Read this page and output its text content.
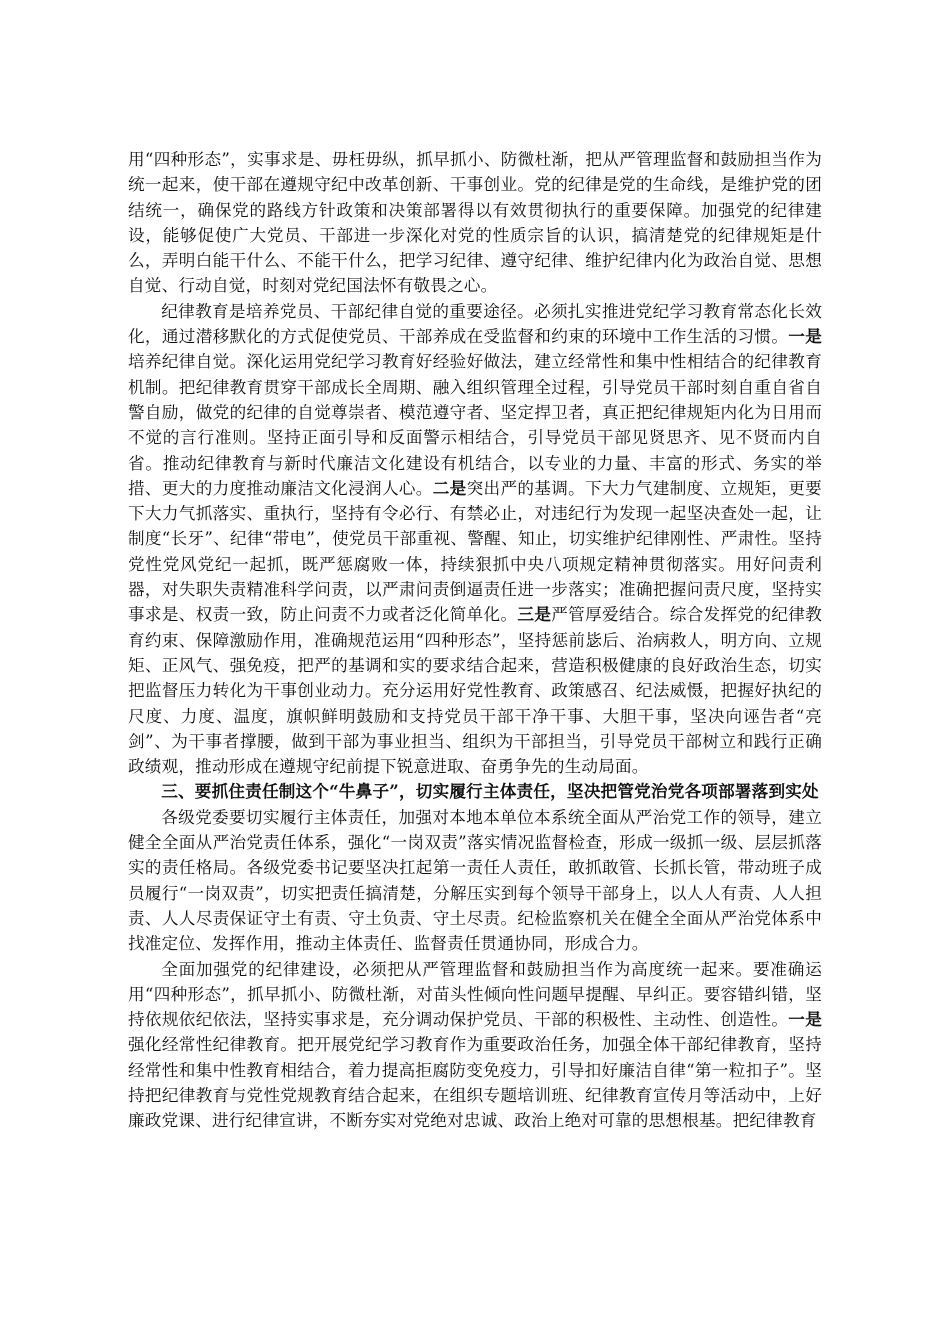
用“四种形态”，实事求是、毋枉毋纵，抓早抓小、防微杜渐，把从严管理监督和鼓励担当作为统一起来，使干部在遵规守纪中改革创新、干事创业。党的纪律是党的生命线，是维护党的团结统一，确保党的路线方针政策和决策部署得以有效贯彻执行的重要保障。加强党的纪律建设，能够促使广大党员、干部进一步深化对党的性质宗旨的认识，搞清楚党的纪律规矩是什么，弄明白能干什么、不能干什么，把学习纪律、遵守纪律、维护纪律内化为政治自觉、思想自觉、行动自觉，时刻对党纪国法怀有敬畏之心。

纪律教育是培养党员、干部纪律自觉的重要途径。必须扎实推进党纪学习教育常态化长效化，通过潜移默化的方式促使党员、干部养成在受监督和约束的环境中工作生活的习惯。一是培养纪律自觉。深化运用党纪学习教育好经验好做法，建立经常性和集中性相结合的纪律教育机制。把纪律教育贯穿干部成长全周期、融入组织管理全过程，引导党员干部时刻自重自省自警自励，做党的纪律的自觉尊崇者、模范遵守者、坚定捍卫者，真正把纪律规矩内化为日用而不觉的言行准则。坚持正面引导和反面警示相结合，引导党员干部见贤思齐、见不贤而内自省。推动纪律教育与新时代廉洁文化建设有机结合，以专业的力量、丰富的形式、务实的举措、更大的力度推动廉洁文化浸润人心。二是突出严的基调。下大力气建制度、立规矩，更要下大力气抓落实、重执行，坚持有令必行、有禁必止，对违纪行为发现一起坚决查处一起，让制度“长牙”、纪律“带电”，使党员干部重视、警醒、知止，切实维护纪律刚性、严肃性。坚持党性党风党纪一起抓，既严惩腐败一体，持续狠抓中央八项规定精神贯彻落实。用好问责利器，对失职失责精准科学问责，以严肃问责倒逼责任进一步落实；准确把握问责尺度，坚持实事求是、权责一致，防止问责不力或者泛化简单化。三是严管厚爱结合。综合发挥党的纪律教育约束、保障激励作用，准确规范运用“四种形态”，坚持惩前毖后、治病救人，明方向、立规矩、正风气、强免疫，把严的基调和实的要求结合起来，营造积极健康的良好政治生态，切实把监督压力转化为干事创业动力。充分运用好党性教育、政策感召、纪法威慑，把握好执纪的尺度、力度、温度，旗帜鲜明鼓励和支持党员干部干净干事、大胆干事，坚决向诬告者“亮剑”、为干事者撑腰，做到干部为事业担当、组织为干部担当，引导党员干部树立和践行正确政绩观，推动形成在遵规守纪前提下锐意进取、奋勇争先的生动局面。

三、要抓住责任制这个“牛鼻子”，切实履行主体责任，坚决把管党治党各项部署落到实处

各级党委要切实履行主体责任，加强对本地本单位本系统全面从严治党工作的领导，建立健全全面从严治党责任体系，强化“一岗双责”落实情况监督检查，形成一级抓一级、层层抓落实的责任格局。各级党委书记要坚决扛起第一责任人责任，敢抓敢管、长抓长管，带动班子成员履行“一岗双责”，切实把责任搞清楚，分解压实到每个领导干部身上，以人人有责、人人担责、人人尽责保证守土有责、守土负责、守土尽责。纪检监察机关在健全全面从严治党体系中找准定位、发挥作用，推动主体责任、监督责任贯通协同，形成合力。

全面加强党的纪律建设，必须把从严管理监督和鼓励担当作为高度统一起来。要准确运用“四种形态”，抓早抓小、防微杜渐，对苗头性倾向性问题早提醒、早纠正。要容错纠错，坚持依规依纪依法，坚持实事求是，充分调动保护党员、干部的积极性、主动性、创造性。一是强化经常性纪律教育。把开展党纪学习教育作为重要政治任务，加强全体干部纪律教育，坚持经常性和集中性教育相结合，着力提高拒腐防变免疫力，引导扣好廉洁自律“第一粒扣子”。坚持把纪律教育与党性党规教育结合起来，在组织专题培训班、纪律教育宣传月等活动中，上好廉政党课、进行纪律宣讲，不断夯实对党绝对忠诚、政治上绝对可靠的思想根基。把纪律教育
